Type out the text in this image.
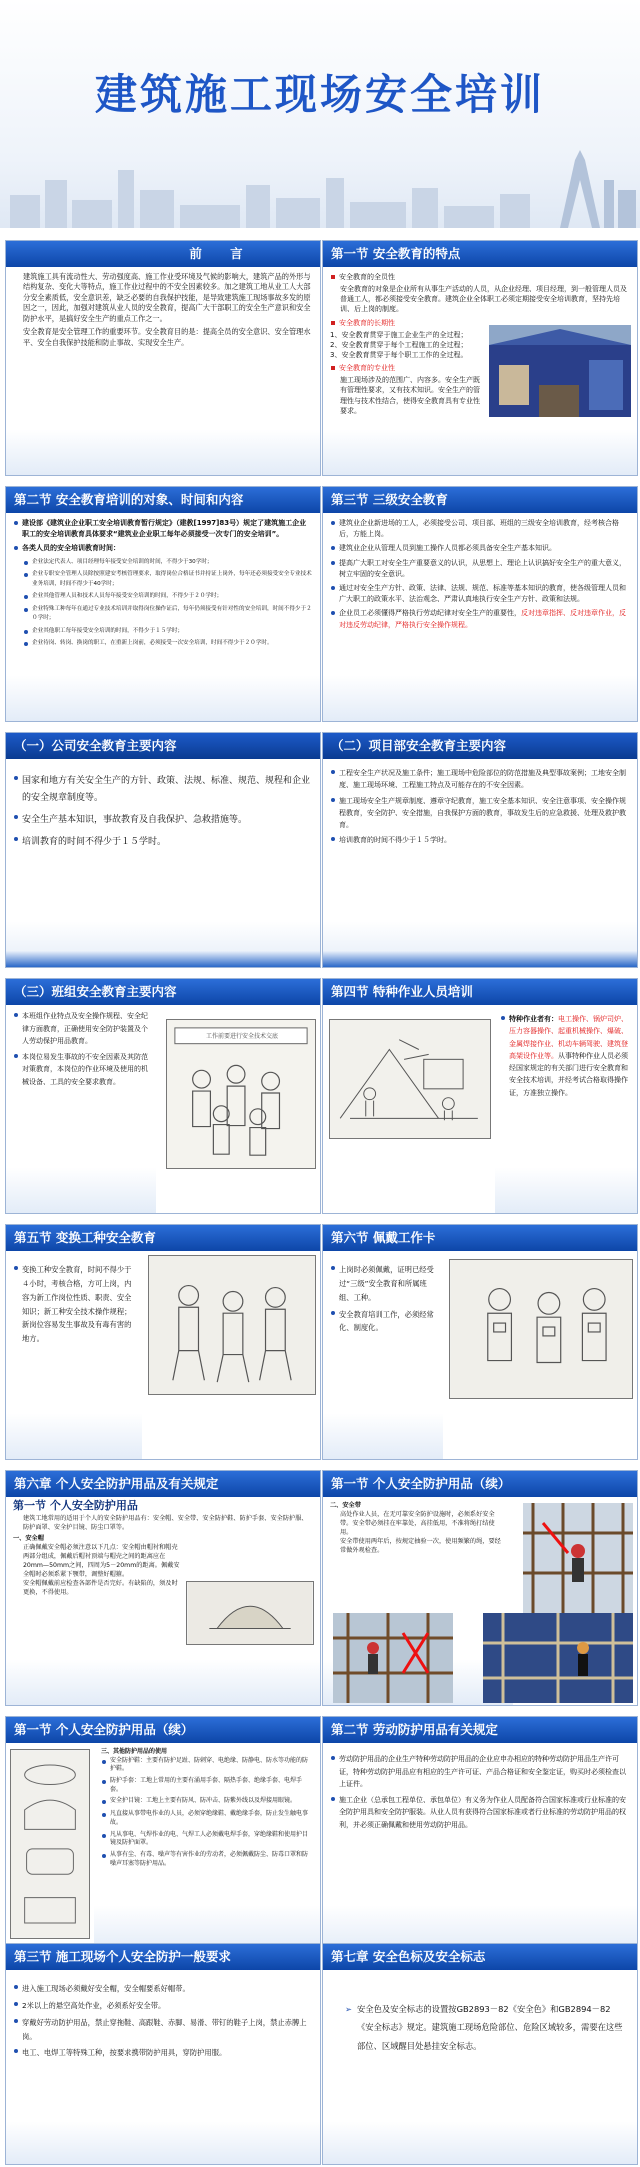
建筑施工现场安全培训
前 言
建筑施工具有流动性大、劳动强度高、施工作业受环境及气候的影响大，建筑产品的外形与结构复杂、变化大等特点，施工作业过程中的不安全因素较多。加之建筑工地从业工人大部分安全素质低，安全意识差，缺乏必要的自我保护技能，是导致建筑施工现场事故多发的原因之一，因此，加强对建筑从业人员的安全教育，提高广大干部职工的安全生产意识和安全防护水平，是搞好安全生产的重点工作之一。
安全教育是安全管理工作的重要环节。安全教育目的是：提高全员的安全意识、安全管理水平、安全自我保护技能和防止事故、实现安全生产。
第一节 安全教育的特点
安全教育的全员性
安全教育的对象是企业所有从事生产活动的人员，从企业经理、项目经理，到一般管理人员及普通工人，都必须接受安全教育。建筑企业全体职工必须定期接受安全培训教育，坚持先培训、后上岗的制度。
安全教育的长期性
1、安全教育贯穿于施工企业生产的全过程；
2、安全教育贯穿于每个工程施工的全过程；
3、安全教育贯穿于每个职工工作的全过程。
安全教育的专业性
施工现场涉及的范围广、内容多。安全生产既有管理性要求，又有技术知识。安全生产的管理性与技术性结合，使得安全教育具有专业性要求。
第二节 安全教育培训的对象、时间和内容
建设部《建筑业企业职工安全培训教育暂行规定》（建教[1997]83号）规定了建筑施工企业职工的安全培训教育具体要求“建筑业企业职工每年必须接受一次专门的安全培训”。
各类人员的安全培训教育时间：
企业法定代表人、项目经理每年接受安全培训的时间，不得少于30学时；
企业专职安全管理人员除按照建安考核管理要求，取得岗位合格证书并持证上岗外，每年还必须接受安全专业技术业务培训，时间不得少于40学时；
企业其他管理人员和技术人员每年接受安全培训的时间，不得少于２０学时；
企业特殊工种每年在通过专业技术培训并取得岗位操作证后，每年仍须接受有针对性的安全培训，时间不得少于２０学时；
企业其他职工每年接受安全培训的时间，不得少于１５学时；
企业待岗、转岗、换岗的职工，在重新上岗前，必须接受一次安全培训，时间不得少于２０学时。
第三节 三级安全教育
建筑业企业新进场的工人，必须接受公司、项目部、班组的三级安全培训教育，经考核合格后，方能上岗。
建筑业企业从管理人员到施工操作人员都必须具备安全生产基本知识。
提高广大职工对安全生产重要意义的认识，从思想上、理论上认识搞好安全生产的重大意义，树立牢固的安全意识。
通过对安全生产方针、政策、法律、法规、规范、标准等基本知识的教育，使各级管理人员和广大职工的政策水平、法治观念、严肃认真地执行安全生产方针、政策和法规。
企业员工必须懂得严格执行劳动纪律对安全生产的重要性，反对违章指挥、反对违章作业，反对违反劳动纪律，严格执行安全操作规程。
（一）公司安全教育主要内容
国家和地方有关安全生产的方针、政策、法规、标准、规范、规程和企业的安全规章制度等。
安全生产基本知识，事故教育及自我保护、急救措施等。
培训教育的时间不得少于１５学时。
（二）项目部安全教育主要内容
工程安全生产状况及施工条件；施工现场中危险部位的防范措施及典型事故案例；工地安全制度、施工现场环境、工程施工特点及可能存在的不安全因素。
施工现场安全生产规章制度、遵章守纪教育，施工安全基本知识、安全注意事项、安全操作规程教育，安全防护、安全措施，自我保护方面的教育，事故发生后的应急救援、处理及救护教育。
培训教育的时间不得少于１５学时。
（三）班组安全教育主要内容
本班组作业特点及安全操作规程、安全纪律方面教育，正确使用安全防护装置及个人劳动保护用品教育。
本岗位易发生事故的不安全因素及其防范对策教育，本岗位的作业环境及使用的机械设备、工具的安全要求教育。
工作前要进行安全技术交底
第四节 特种作业人员培训
特种作业者有：电工操作、锅炉司炉、压力容器操作、起重机械操作、爆破、金属焊接作业、机动车辆驾驶、建筑登高架设作业等。从事特种作业人员必须经国家规定的有关部门进行安全教育和安全技术培训，并经考试合格取得操作证，方准独立操作。
第五节 变换工种安全教育
变换工种安全教育，时间不得少于４小时，考核合格，方可上岗，内容为新工作岗位性质、职责、安全知识；新工种安全技术操作规程；新岗位容易发生事故及有毒有害的地方。
第六节 佩戴工作卡
上岗时必须佩戴，证明已经受过“三级”安全教育和所属班组、工种。
安全教育培训工作，必须经常化、制度化。
第六章 个人安全防护用品及有关规定
第一节 个人安全防护用品
建筑工地常用的适用于个人的安全防护用品有：安全帽、安全带、安全防护鞋、防护手套、安全防护服、防护面罩、安全护目镜、防尘口罩等。
一、安全帽
正确佩戴安全帽必须注意以下几点：安全帽由帽衬和帽壳两部分组成，佩戴后帽衬顶端与帽壳之间的距离应在20mm—50mm之间，四周为5－20mm的距离。佩戴安全帽时必须系紧下颚带，调整好帽箍。
安全帽佩戴前应检查各部件是否完好。有缺陷的，须及时更换，不得使用。
第一节 个人安全防护用品（续）
二、安全带
高处作业人员，在无可靠安全防护设施时，必须系好安全带。安全带必须挂在牢靠处，高挂低用，不准将绳打结使用。
安全带使用两年后，按规定抽验一次，使用频繁的绳，要经常做外观检查。
第一节 个人安全防护用品（续）
三、其他防护用品的使用
安全防护鞋：主要有防护足趾、防刺穿、电绝缘、防静电、防水等功能的防护鞋。
防护手套：工地上常用的主要有涌用手套、隔热手套、绝缘手套、电焊手套。
安全护目镜：工地上主要有防风、防冲击、防紫外线以及焊接用眼镜。
凡直接从事带电作业的人员，必须穿绝缘鞋、戴绝缘手套，防止发生触电事故。
凡从事电、气焊作业的电、气焊工人必须戴电焊手套，穿绝缘鞋和使用护目镜及防护面罩。
从事有尘、有毒、噪声等有害作业的劳动者，必须佩戴防尘、防毒口罩和防噪声耳塞等防护用品。
第二节 劳动防护用品有关规定
劳动防护用品的企业生产特种劳动防护用品的企业应申办相应的特种劳动防护用品生产许可证，特种劳动防护用品应有相应的生产许可证、产品合格证和安全鉴定证，购买时必须检查以上证件。
施工企业（总承包工程单位、承包单位）有义务为作业人员配备符合国家标准或行业标准的安全防护用具和安全防护服装。从业人员有获得符合国家标准或者行业标准的劳动防护用品的权利，并必须正确佩戴和使用劳动防护用品。
第三节 施工现场个人安全防护一般要求
进入施工现场必须戴好安全帽，安全帽要系好帽带。
2米以上的悬空高处作业，必须系好安全带。
穿戴好劳动防护用品，禁止穿拖鞋、高跟鞋、赤脚、易滑、带钉的鞋子上岗，禁止赤膊上岗。
电工、电焊工等特殊工种，按要求携带防护用具，穿防护用服。
第七章 安全色标及安全标志
➢ 安全色及安全标志的设置按GB2893－82《安全色》和GB2894－82《安全标志》规定。建筑施工现场危险部位、危险区域较多，需要在这些部位、区域醒目处悬挂安全标志。
